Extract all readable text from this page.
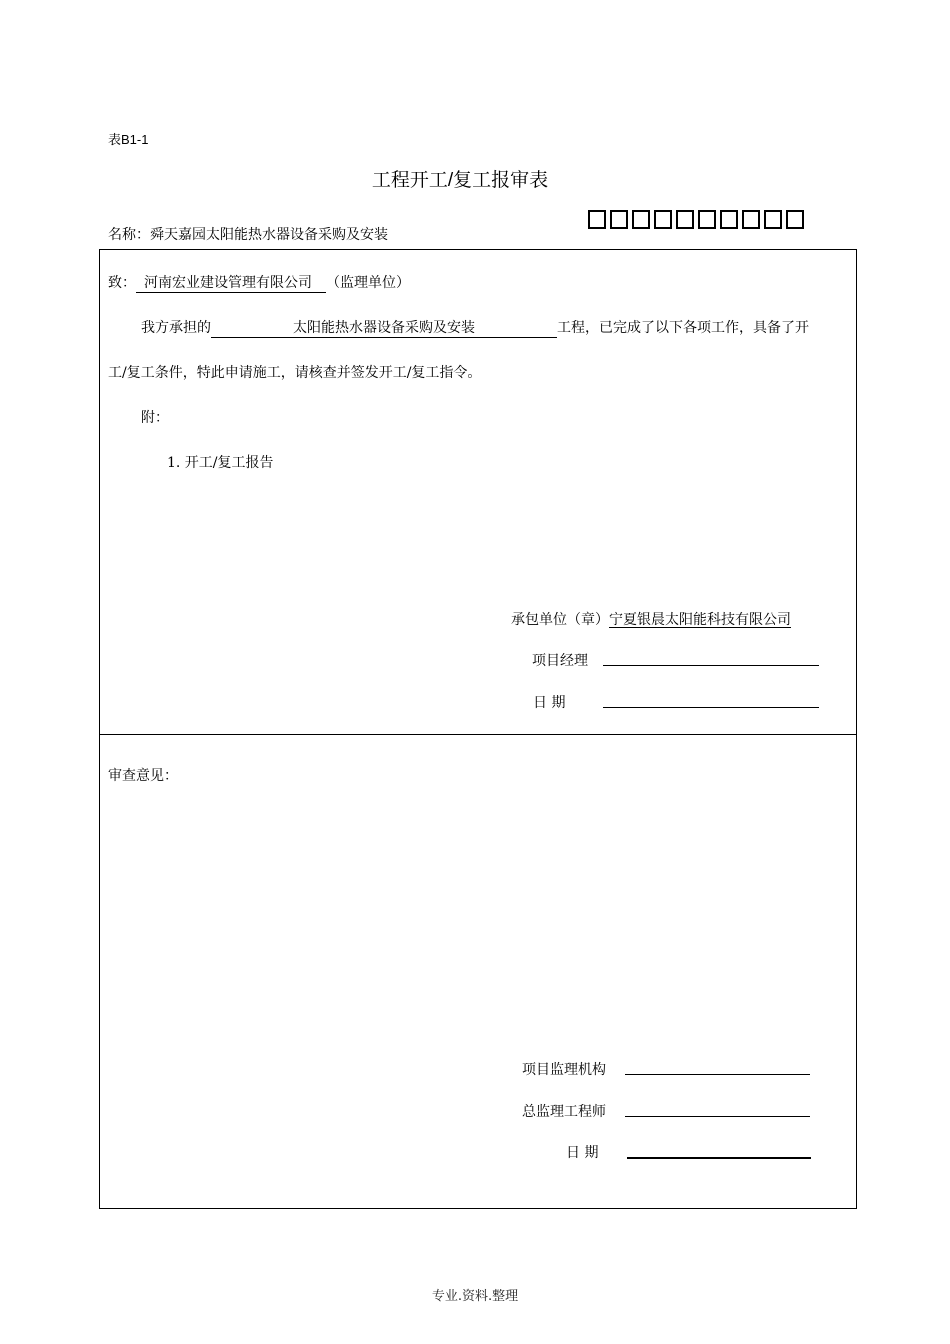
表B1-1
工程开工/复工报审表
名称：舜天嘉园太阳能热水器设备采购及安装
致： 河南宏业建设管理有限公司 （监理单位）
我方承担的	太阳能热水器设备采购及安装	工程，已完成了以下各项工作，具备了开
工/复工条件，特此申请施工，请核查并签发开工/复工指令。
附：
1. 开工/复工报告
承包单位（章）宁夏银晨太阳能科技有限公司
项目经理
日 期
审查意见：
项目监理机构
总监理工程师
日 期
专业.资料.整理
